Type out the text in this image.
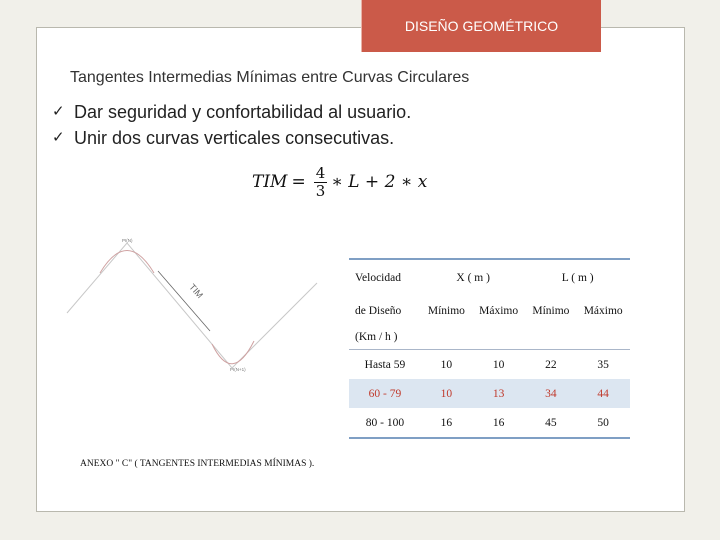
DISEÑO GEOMÉTRICO
Tangentes Intermedias Mínimas entre Curvas Circulares
✓ Dar seguridad y confortabilidad al usuario.
✓ Unir dos curvas verticales consecutivas.
TIM = $\frac{4}{3}$ ∗ L + 2 ∗ x
PI(N)
TIM
PI(N+1)
Velocidad	X ( m )		L ( m )	
de Diseño	Mínimo	Máximo	Mínimo	Máximo
(Km / h )				
Hasta 59	10	10	22	35
60 - 79	10	13	34	44
80 - 100	16	16	45	50
ANEXO " C" ( TANGENTES INTERMEDIAS MÍNIMAS ).
